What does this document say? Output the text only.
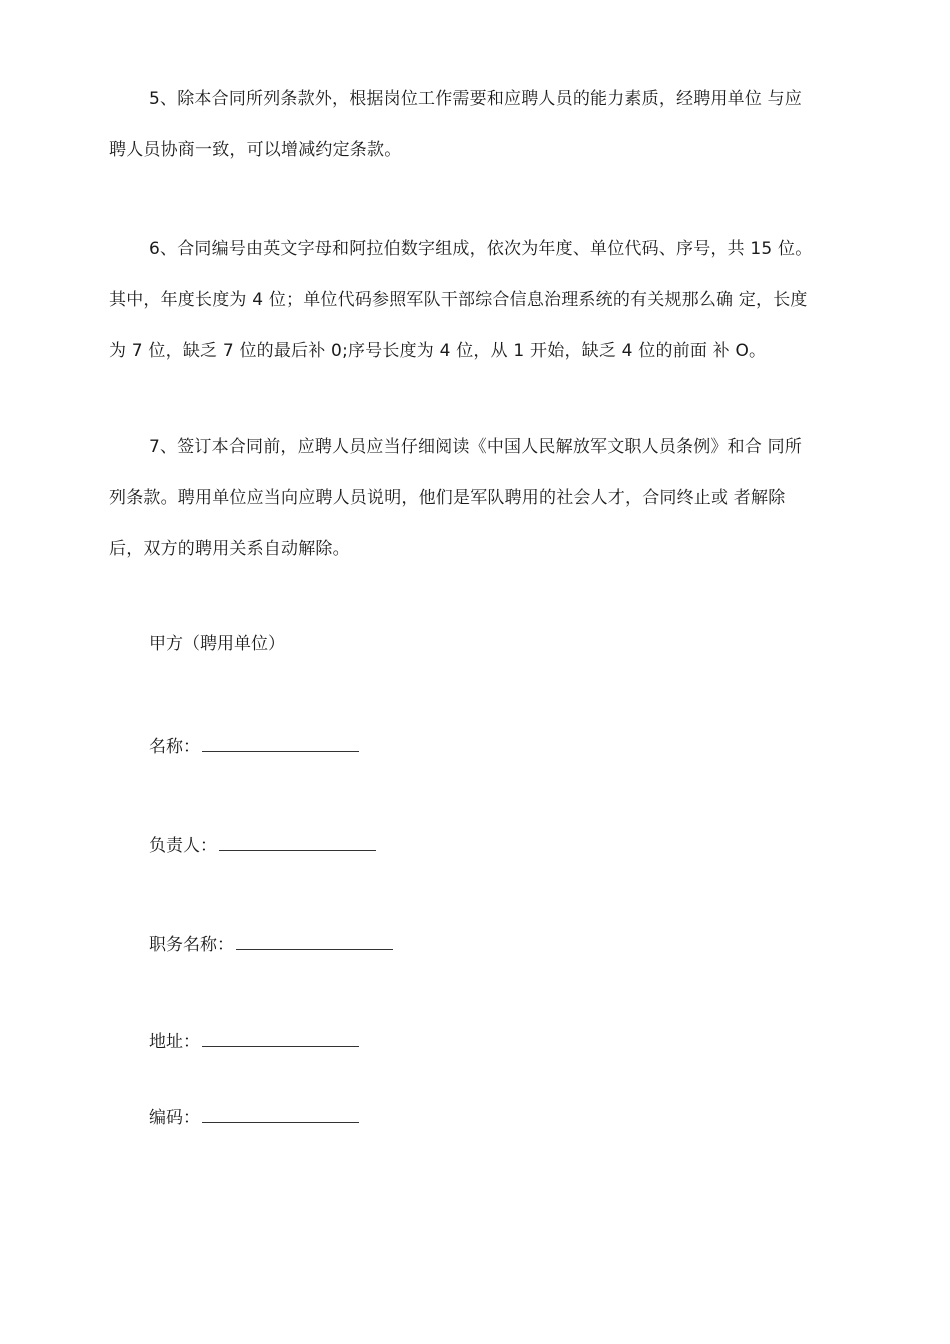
5、除本合同所列条款外，根据岗位工作需要和应聘人员的能力素质，经聘用单位 与应
聘人员协商一致，可以增减约定条款。
6、合同编号由英文字母和阿拉伯数字组成，依次为年度、单位代码、序号，共 15 位。
其中，年度长度为 4 位；单位代码参照军队干部综合信息治理系统的有关规那么确 定，长度
为 7 位，缺乏 7 位的最后补 0;序号长度为 4 位，从 1 开始，缺乏 4 位的前面 补 O。
7、签订本合同前，应聘人员应当仔细阅读《中国人民解放军文职人员条例》和合 同所
列条款。聘用单位应当向应聘人员说明，他们是军队聘用的社会人才，合同终止或 者解除
后，双方的聘用关系自动解除。
甲方（聘用单位）
名称：
负责人：
职务名称：
地址：
编码：
